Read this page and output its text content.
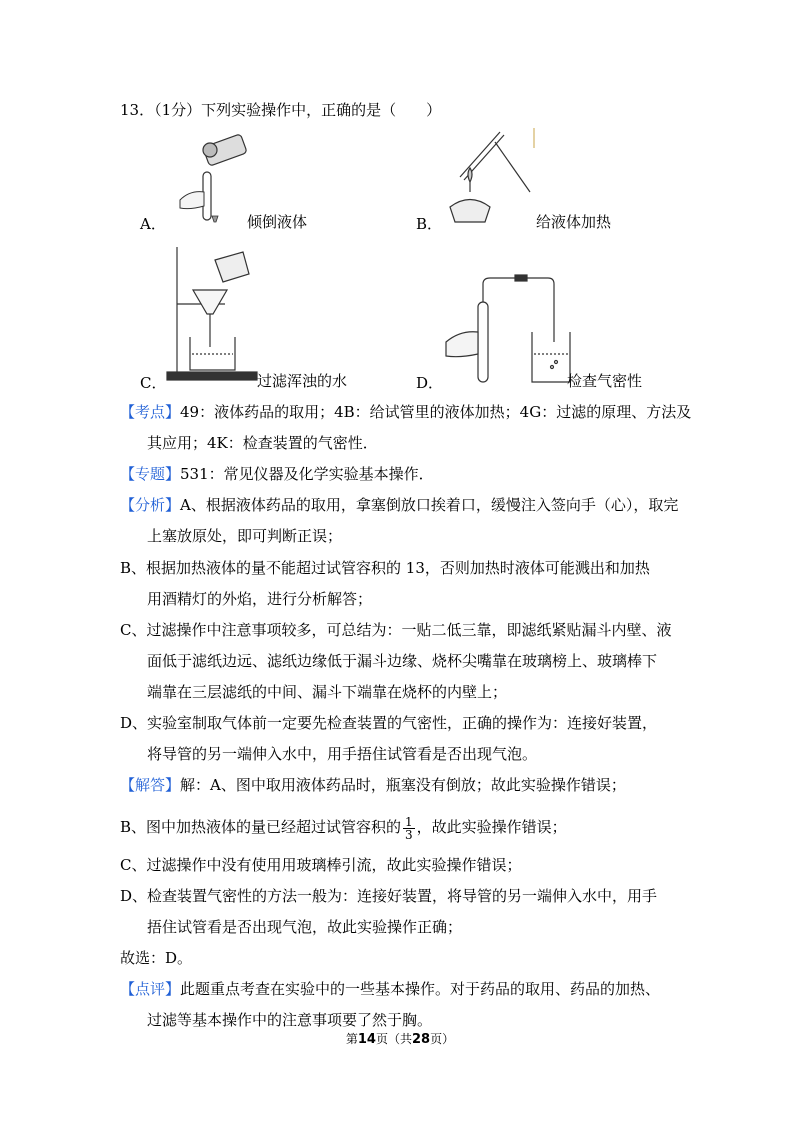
13．（1分）下列实验操作中，正确的是（　　）
A．	倾倒液体	B．	给液体加热
C．	过滤浑浊的水	D．	检查气密性
【考点】49：液体药品的取用；4B：给试管里的液体加热；4G：过滤的原理、方法及
其应用；4K：检查装置的气密性．
【专题】531：常见仪器及化学实验基本操作．
【分析】A、根据液体药品的取用，拿塞倒放口挨着口，缓慢注入签向手（心），取完
上塞放原处，即可判断正误；
B、根据加热液体的量不能超过试管容积的 13，否则加热时液体可能溅出和加热
用酒精灯的外焰，进行分析解答；
C、过滤操作中注意事项较多，可总结为：一贴二低三靠，即滤纸紧贴漏斗内壁、液
面低于滤纸边远、滤纸边缘低于漏斗边缘、烧杯尖嘴靠在玻璃榜上、玻璃棒下
端靠在三层滤纸的中间、漏斗下端靠在烧杯的内壁上；
D、实验室制取气体前一定要先检查装置的气密性，正确的操作为：连接好装置，
将导管的另一端伸入水中，用手捂住试管看是否出现气泡。
【解答】解：A、图中取用液体药品时，瓶塞没有倒放；故此实验操作错误；
B、图中加热液体的量已经超过试管容积的 $\frac{1}{3}$ ，故此实验操作错误；
C、过滤操作中没有使用用玻璃棒引流，故此实验操作错误；
D、检查装置气密性的方法一般为：连接好装置，将导管的另一端伸入水中，用手
捂住试管看是否出现气泡，故此实验操作正确；
故选：D。
【点评】此题重点考查在实验中的一些基本操作。对于药品的取用、药品的加热、
过滤等基本操作中的注意事项要了然于胸。
第14页（共28页）
